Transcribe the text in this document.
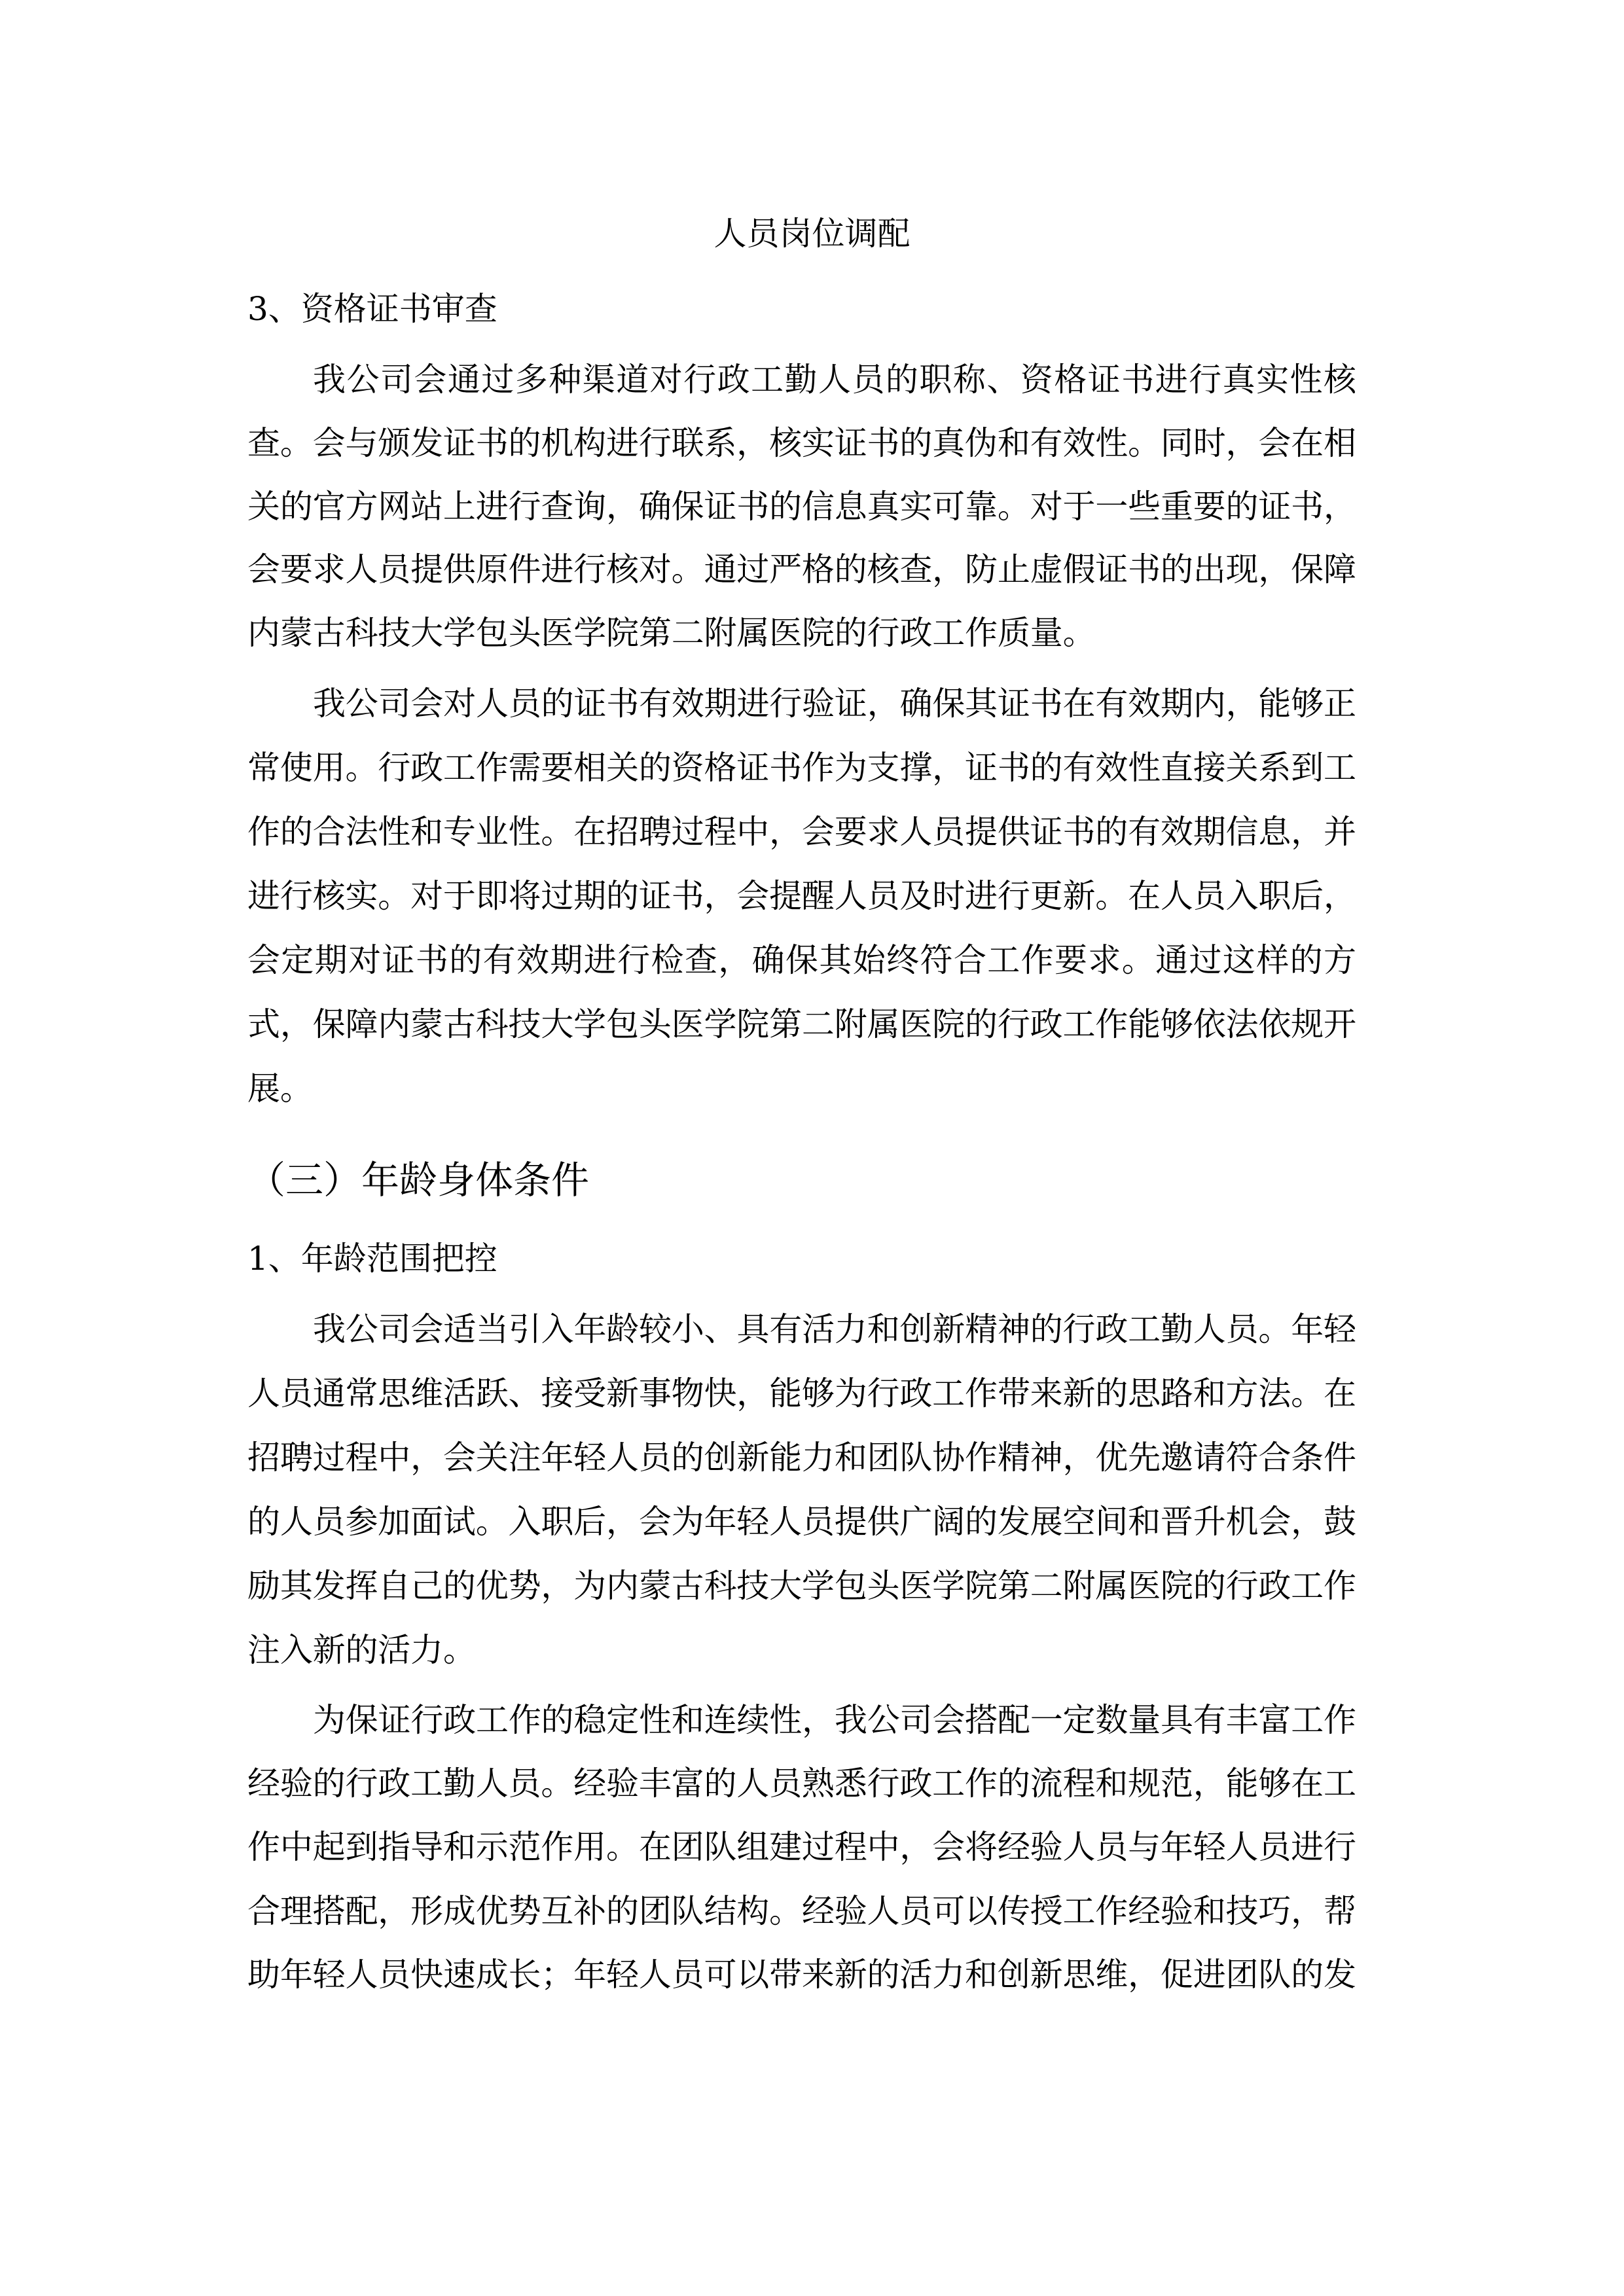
人员岗位调配
3、资格证书审查
我公司会通过多种渠道对行政工勤人员的职称、资格证书进行真实性核
查。会与颁发证书的机构进行联系，核实证书的真伪和有效性。同时，会在相
关的官方网站上进行查询，确保证书的信息真实可靠。对于一些重要的证书，
会要求人员提供原件进行核对。通过严格的核查，防止虚假证书的出现，保障
内蒙古科技大学包头医学院第二附属医院的行政工作质量。
我公司会对人员的证书有效期进行验证，确保其证书在有效期内，能够正
常使用。行政工作需要相关的资格证书作为支撑，证书的有效性直接关系到工
作的合法性和专业性。在招聘过程中，会要求人员提供证书的有效期信息，并
进行核实。对于即将过期的证书，会提醒人员及时进行更新。在人员入职后，
会定期对证书的有效期进行检查，确保其始终符合工作要求。通过这样的方
式，保障内蒙古科技大学包头医学院第二附属医院的行政工作能够依法依规开
展。
（三）年龄身体条件
1、年龄范围把控
我公司会适当引入年龄较小、具有活力和创新精神的行政工勤人员。年轻
人员通常思维活跃、接受新事物快，能够为行政工作带来新的思路和方法。在
招聘过程中，会关注年轻人员的创新能力和团队协作精神，优先邀请符合条件
的人员参加面试。入职后，会为年轻人员提供广阔的发展空间和晋升机会，鼓
励其发挥自己的优势，为内蒙古科技大学包头医学院第二附属医院的行政工作
注入新的活力。
为保证行政工作的稳定性和连续性，我公司会搭配一定数量具有丰富工作
经验的行政工勤人员。经验丰富的人员熟悉行政工作的流程和规范，能够在工
作中起到指导和示范作用。在团队组建过程中，会将经验人员与年轻人员进行
合理搭配，形成优势互补的团队结构。经验人员可以传授工作经验和技巧，帮
助年轻人员快速成长；年轻人员可以带来新的活力和创新思维，促进团队的发
